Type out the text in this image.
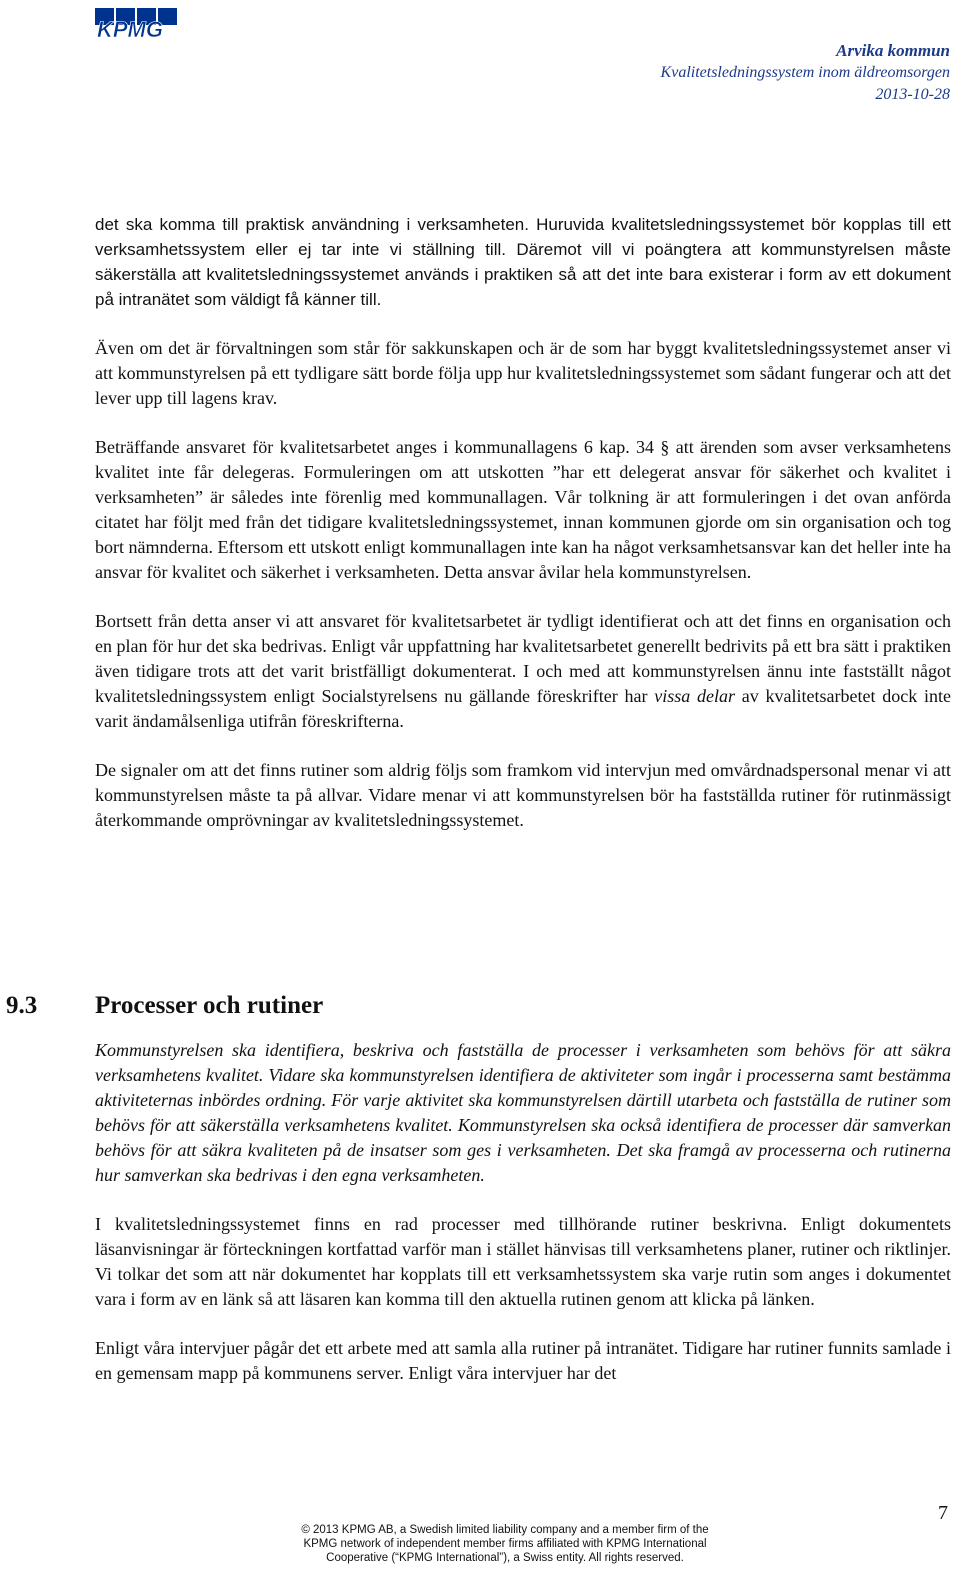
KPMG
Arvika kommun
Kvalitetsledningssystem inom äldreomsorgen
2013-10-28

det ska komma till praktisk användning i verksamheten. Huruvida kvalitetsledningssystemet bör kopplas till ett verksamhetssystem eller ej tar inte vi ställning till. Däremot vill vi poängtera att kommunstyrelsen måste säkerställa att kvalitetsledningssystemet används i praktiken så att det inte bara existerar i form av ett dokument på intranätet som väldigt få känner till.

Även om det är förvaltningen som står för sakkunskapen och är de som har byggt kvalitetsledningssystemet anser vi att kommunstyrelsen på ett tydligare sätt borde följa upp hur kvalitetsledningssystemet som sådant fungerar och att det lever upp till lagens krav.

Beträffande ansvaret för kvalitetsarbetet anges i kommunallagens 6 kap. 34 § att ärenden som avser verksamhetens kvalitet inte får delegeras. Formuleringen om att utskotten ”har ett delegerat ansvar för säkerhet och kvalitet i verksamheten” är således inte förenlig med kommunallagen. Vår tolkning är att formuleringen i det ovan anförda citatet har följt med från det tidigare kvalitetsledningssystemet, innan kommunen gjorde om sin organisation och tog bort nämnderna. Eftersom ett utskott enligt kommunallagen inte kan ha något verksamhetsansvar kan det heller inte ha ansvar för kvalitet och säkerhet i verksamheten. Detta ansvar åvilar hela kommunstyrelsen.

Bortsett från detta anser vi att ansvaret för kvalitetsarbetet är tydligt identifierat och att det finns en organisation och en plan för hur det ska bedrivas. Enligt vår uppfattning har kvalitetsarbetet generellt bedrivits på ett bra sätt i praktiken även tidigare trots att det varit bristfälligt dokumenterat. I och med att kommunstyrelsen ännu inte fastställt något kvalitetsledningssystem enligt Socialstyrelsens nu gällande föreskrifter har vissa delar av kvalitetsarbetet dock inte varit ändamålsenliga utifrån föreskrifterna.

De signaler om att det finns rutiner som aldrig följs som framkom vid intervjun med omvårdnadspersonal menar vi att kommunstyrelsen måste ta på allvar. Vidare menar vi att kommunstyrelsen bör ha fastställda rutiner för rutinmässigt återkommande omprövningar av kvalitetsledningssystemet.

9.3 Processer och rutiner

Kommunstyrelsen ska identifiera, beskriva och fastställa de processer i verksamheten som behövs för att säkra verksamhetens kvalitet. Vidare ska kommunstyrelsen identifiera de aktiviteter som ingår i processerna samt bestämma aktiviteternas inbördes ordning. För varje aktivitet ska kommunstyrelsen därtill utarbeta och fastställa de rutiner som behövs för att säkerställa verksamhetens kvalitet. Kommunstyrelsen ska också identifiera de processer där samverkan behövs för att säkra kvaliteten på de insatser som ges i verksamheten. Det ska framgå av processerna och rutinerna hur samverkan ska bedrivas i den egna verksamheten.

I kvalitetsledningssystemet finns en rad processer med tillhörande rutiner beskrivna. Enligt dokumentets läsanvisningar är förteckningen kortfattad varför man i stället hänvisas till verksamhetens planer, rutiner och riktlinjer. Vi tolkar det som att när dokumentet har kopplats till ett verksamhetssystem ska varje rutin som anges i dokumentet vara i form av en länk så att läsaren kan komma till den aktuella rutinen genom att klicka på länken.

Enligt våra intervjuer pågår det ett arbete med att samla alla rutiner på intranätet. Tidigare har rutiner funnits samlade i en gemensam mapp på kommunens server. Enligt våra intervjuer har det

© 2013 KPMG AB, a Swedish limited liability company and a member firm of the
KPMG network of independent member firms affiliated with KPMG International
Cooperative (“KPMG International”), a Swiss entity. All rights reserved.
7
